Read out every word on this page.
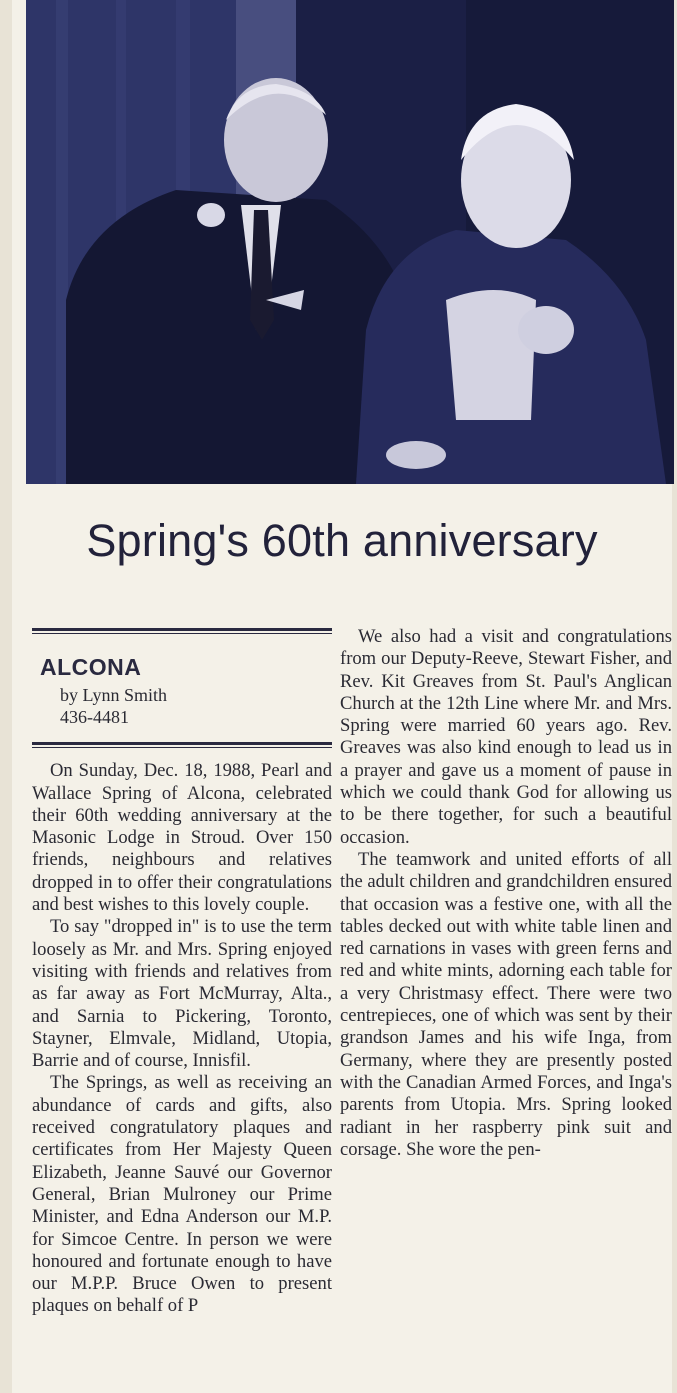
Spring's 60th anniversary
ALCONA
by Lynn Smith
436-4481

On Sunday, Dec. 18, 1988, Pearl and Wallace Spring of Alcona, celebrated their 60th wedding anniversary at the Masonic Lodge in Stroud. Over 150 friends, neighbours and relatives dropped in to offer their congratulations and best wishes to this lovely couple.

To say "dropped in" is to use the term loosely as Mr. and Mrs. Spring enjoyed visiting with friends and relatives from as far away as Fort McMurray, Alta., and Sarnia to Pickering, Toronto, Stayner, Elmvale, Midland, Utopia, Barrie and of course, Innisfil.

The Springs, as well as receiving an abundance of cards and gifts, also received congratulatory plaques and certificates from Her Majesty Queen Elizabeth, Jeanne Sauvé our Governor General, Brian Mulroney our Prime Minister, and Edna Anderson our M.P. for Simcoe Centre. In person we were honoured and fortunate enough to have our M.P.P. Bruce Owen to present plaques on behalf of P

We also had a visit and congratulations from our Deputy-Reeve, Stewart Fisher, and Rev. Kit Greaves from St. Paul's Anglican Church at the 12th Line where Mr. and Mrs. Spring were married 60 years ago. Rev. Greaves was also kind enough to lead us in a prayer and gave us a moment of pause in which we could thank God for allowing us to be there together, for such a beautiful occasion.

The teamwork and united efforts of all the adult children and grandchildren ensured that occasion was a festive one, with all the tables decked out with white table linen and red carnations in vases with green ferns and red and white mints, adorning each table for a very Christmasy effect. There were two centrepieces, one of which was sent by their grandson James and his wife Inga, from Germany, where they are presently posted with the Canadian Armed Forces, and Inga's parents from Utopia. Mrs. Spring looked radiant in her raspberry pink suit and corsage. She wore the pen-
